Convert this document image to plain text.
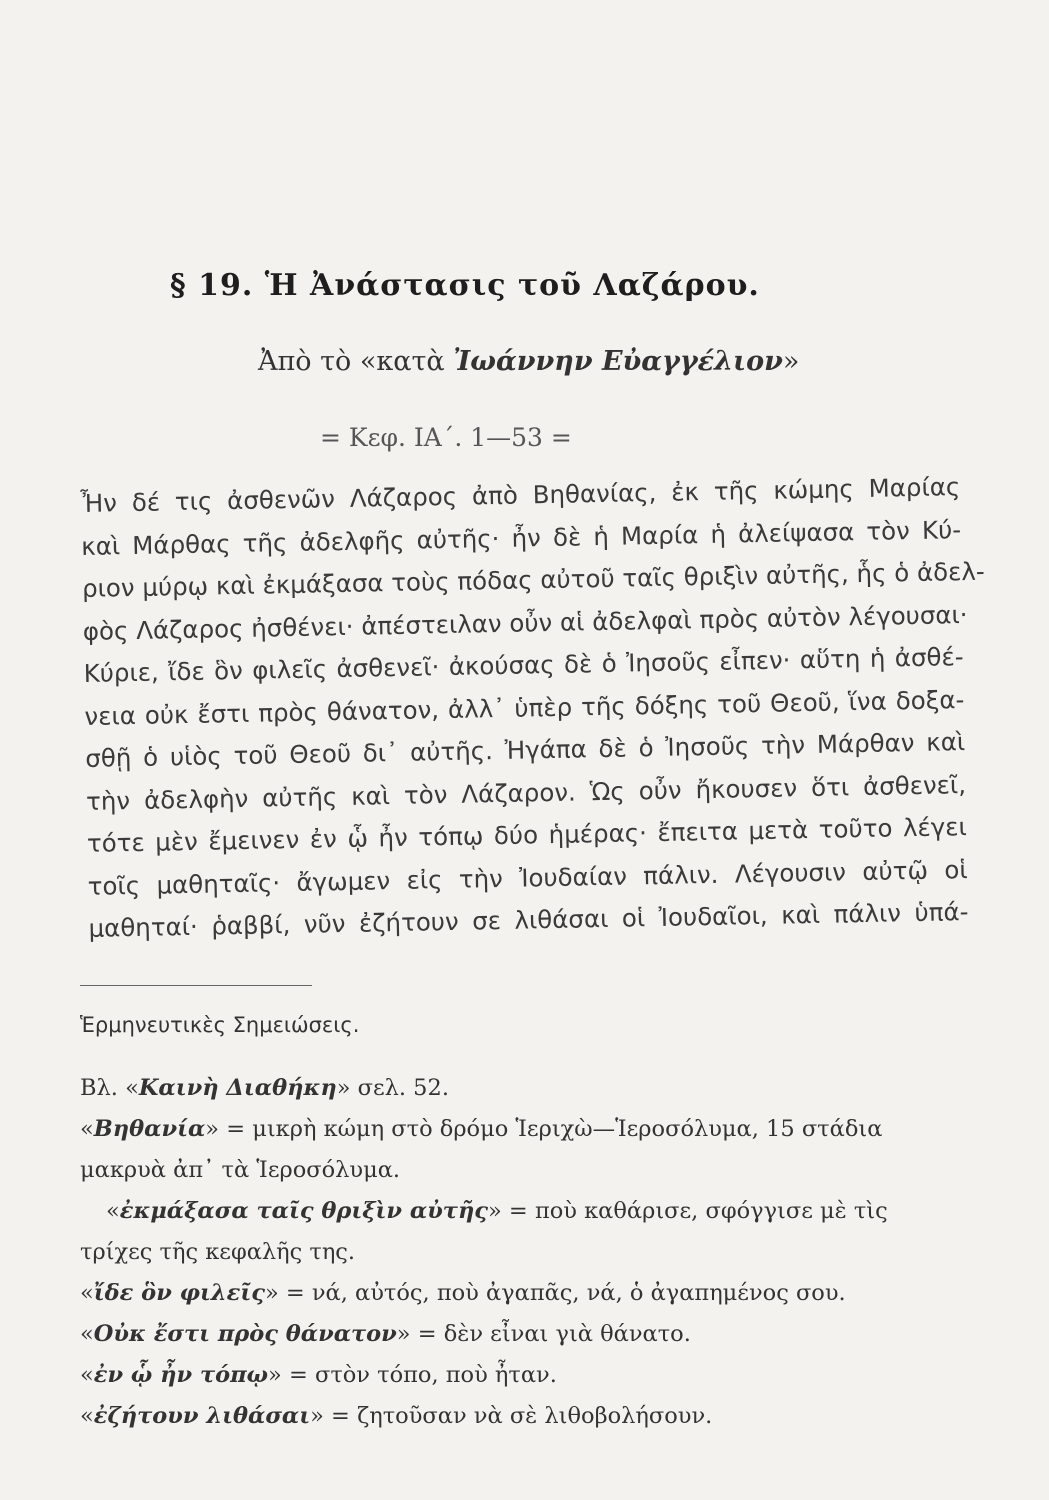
§ 19. Ἡ Ἀνάστασις τοῦ Λαζάρου.
Ἀπὸ τὸ «κατὰ Ἰωάννην Εὐαγγέλιον»
= Κεφ. ΙΑ΄. 1—53 =
Ἦν δέ τις ἀσθενῶν Λάζαρος ἀπὸ Βηθανίας, ἐκ τῆς κώμης Μαρίας
καὶ Μάρθας τῆς ἀδελφῆς αὐτῆς· ἦν δὲ ἡ Μαρία ἡ ἀλείψασα τὸν Κύ-
ριον μύρῳ καὶ ἐκμάξασα τοὺς πόδας αὐτοῦ ταῖς θριξὶν αὐτῆς, ἧς ὁ ἀδελ-
φὸς Λάζαρος ἠσθένει· ἀπέστειλαν οὖν αἱ ἀδελφαὶ πρὸς αὐτὸν λέγουσαι·
Κύριε, ἴδε ὃν φιλεῖς ἀσθενεῖ· ἀκούσας δὲ ὁ Ἰησοῦς εἶπεν· αὕτη ἡ ἀσθέ-
νεια οὐκ ἔστι πρὸς θάνατον, ἀλλ᾽ ὑπὲρ τῆς δόξης τοῦ Θεοῦ, ἵνα δοξα-
σθῇ ὁ υἱὸς τοῦ Θεοῦ δι᾽ αὐτῆς. Ἠγάπα δὲ ὁ Ἰησοῦς τὴν Μάρθαν καὶ
τὴν ἀδελφὴν αὐτῆς καὶ τὸν Λάζαρον. Ὡς οὖν ἤκουσεν ὅτι ἀσθενεῖ,
τότε μὲν ἔμεινεν ἐν ᾧ ἦν τόπῳ δύο ἡμέρας· ἔπειτα μετὰ τοῦτο λέγει
τοῖς μαθηταῖς· ἄγωμεν εἰς τὴν Ἰουδαίαν πάλιν. Λέγουσιν αὐτῷ οἱ
μαθηταί· ῥαββί, νῦν ἐζήτουν σε λιθάσαι οἱ Ἰουδαῖοι, καὶ πάλιν ὑπά-
Ἑρμηνευτικὲς Σημειώσεις.
Βλ. «Καινὴ Διαθήκη» σελ. 52.
«Βηθανία» = μικρὴ κώμη στὸ δρόμο Ἱεριχὼ—Ἱεροσόλυμα, 15 στάδια
μακρυὰ ἀπ᾽ τὰ Ἱεροσόλυμα.
«ἐκμάξασα ταῖς θριξὶν αὐτῆς» = ποὺ καθάρισε, σφόγγισε μὲ τὶς
τρίχες τῆς κεφαλῆς της.
«ἴδε ὃν φιλεῖς» = νά, αὐτός, ποὺ ἀγαπᾶς, νά, ὁ ἀγαπημένος σου.
«Οὐκ ἔστι πρὸς θάνατον» = δὲν εἶναι γιὰ θάνατο.
«ἐν ᾧ ἦν τόπῳ» = στὸν τόπο, ποὺ ἦταν.
«ἐζήτουν λιθάσαι» = ζητοῦσαν νὰ σὲ λιθοβολήσουν.
